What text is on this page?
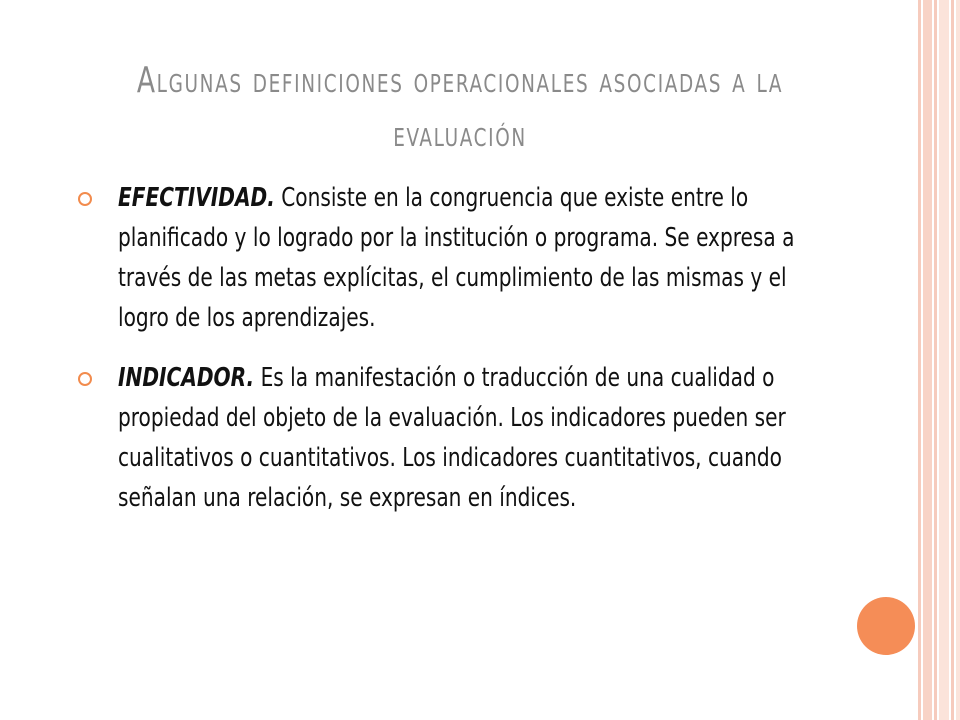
Algunas definiciones operacionales asociadas a la evaluación
EFECTIVIDAD. Consiste en la congruencia que existe entre lo planificado y lo logrado por la institución o programa. Se expresa a través de las metas explícitas, el cumplimiento de las mismas y el logro de los aprendizajes.
INDICADOR. Es la manifestación o traducción de una cualidad o propiedad del objeto de la evaluación. Los indicadores pueden ser cualitativos o cuantitativos. Los indicadores cuantitativos, cuando señalan una relación, se expresan en índices.
